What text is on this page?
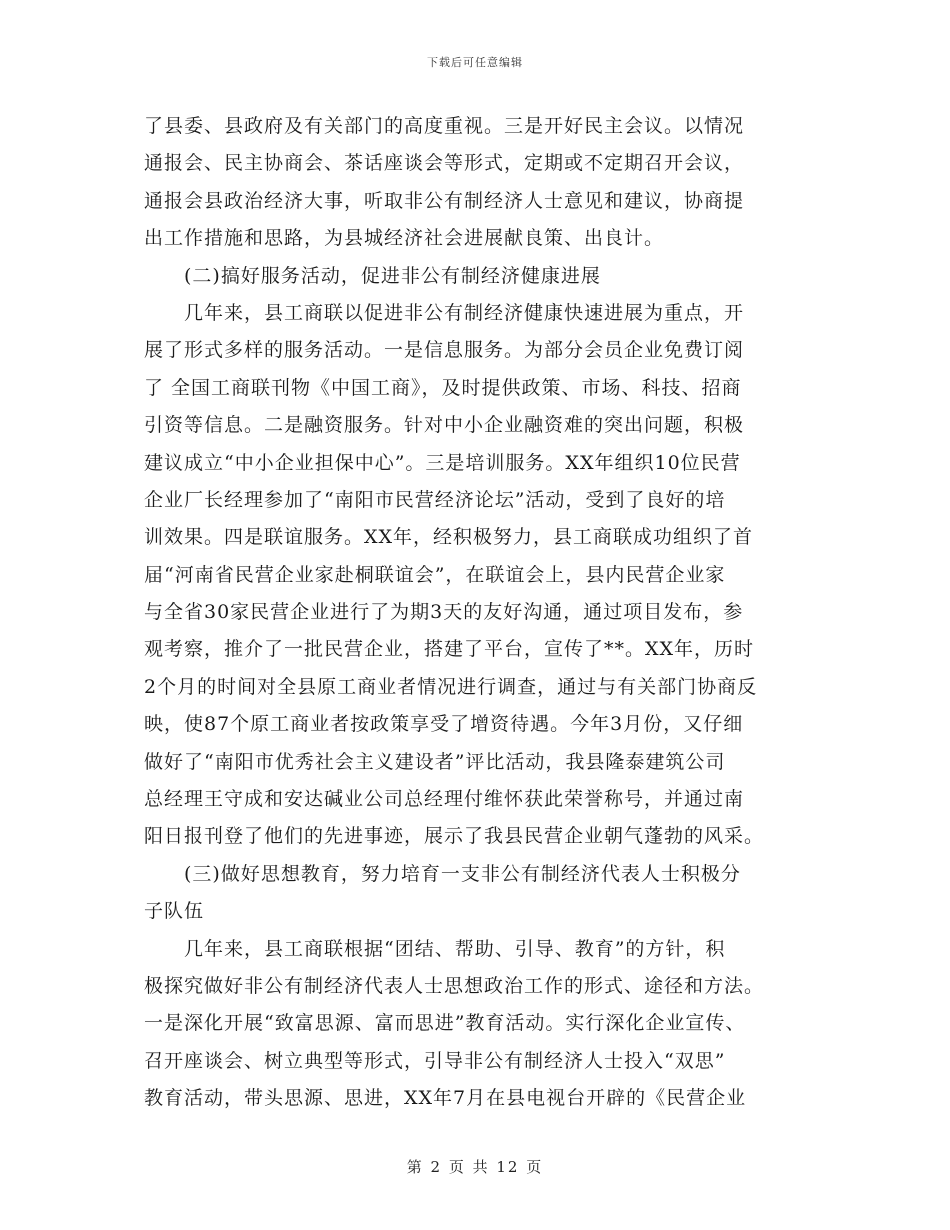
下载后可任意编辑
了县委、县政府及有关部门的高度重视。三是开好民主会议。以情况
通报会、民主协商会、茶话座谈会等形式，定期或不定期召开会议，
通报会县政治经济大事，听取非公有制经济人士意见和建议，协商提
出工作措施和思路，为县城经济社会进展献良策、出良计。
(二)搞好服务活动，促进非公有制经济健康进展
几年来，县工商联以促进非公有制经济健康快速进展为重点，开
展了形式多样的服务活动。一是信息服务。为部分会员企业免费订阅
了 全国工商联刊物《中国工商》，及时提供政策、市场、科技、招商
引资等信息。二是融资服务。针对中小企业融资难的突出问题，积极
建议成立“中小企业担保中心”。三是培训服务。XX年组织10位民营
企业厂长经理参加了“南阳市民营经济论坛”活动，受到了良好的培
训效果。四是联谊服务。XX年，经积极努力，县工商联成功组织了首
届“河南省民营企业家赴桐联谊会”，在联谊会上，县内民营企业家
与全省30家民营企业进行了为期3天的友好沟通，通过项目发布，参
观考察，推介了一批民营企业，搭建了平台，宣传了**。XX年，历时
2个月的时间对全县原工商业者情况进行调查，通过与有关部门协商反
映，使87个原工商业者按政策享受了增资待遇。今年3月份，又仔细
做好了“南阳市优秀社会主义建设者”评比活动，我县隆泰建筑公司
总经理王守成和安达碱业公司总经理付维怀获此荣誉称号，并通过南
阳日报刊登了他们的先进事迹，展示了我县民营企业朝气蓬勃的风采。
(三)做好思想教育，努力培育一支非公有制经济代表人士积极分
子队伍
几年来，县工商联根据“团结、帮助、引导、教育”的方针，积
极探究做好非公有制经济代表人士思想政治工作的形式、途径和方法。
一是深化开展“致富思源、富而思进”教育活动。实行深化企业宣传、
召开座谈会、树立典型等形式，引导非公有制经济人士投入“双思”
教育活动，带头思源、思进，XX年7月在县电视台开辟的《民营企业
第 2 页 共 12 页
